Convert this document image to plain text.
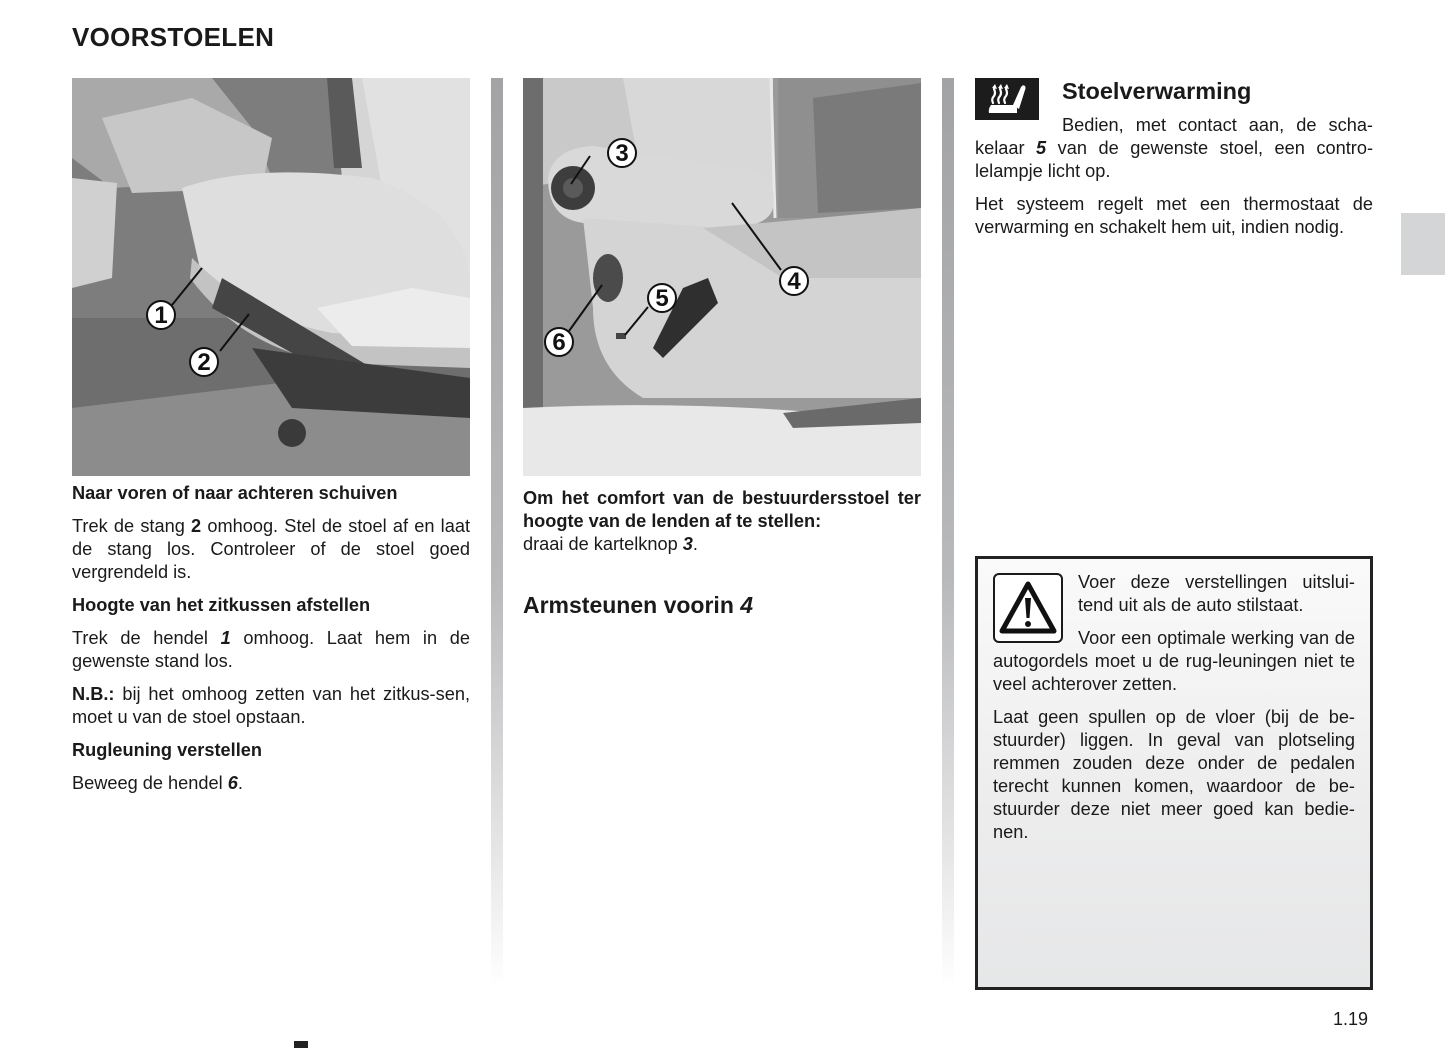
VOORSTOELEN
1
2
Naar voren of naar achteren schuiven

Trek de stang 2 omhoog. Stel de stoel af en laat de stang los. Controleer of de stoel goed vergrendeld is.

Hoogte van het zitkussen afstellen

Trek de hendel 1 omhoog. Laat hem in de gewenste stand los.

N.B.: bij het omhoog zetten van het zitkus-sen, moet u van de stoel opstaan.

Rugleuning verstellen

Beweeg de hendel 6.

3
4
5
6

Om het comfort van de bestuurdersstoel ter hoogte van de lenden af te stellen:
draai de kartelknop 3.

Armsteunen voorin 4
Stoelverwarming

Bedien, met contact aan, de scha-kelaar 5 van de gewenste stoel, een contro-lelampje licht op.

Het systeem regelt met een thermostaat de verwarming en schakelt hem uit, indien nodig.

Voer deze verstellingen uitslui-tend uit als de auto stilstaat.

Voor een optimale werking van de autogordels moet u de rug-leuningen niet te veel achterover zetten.

Laat geen spullen op de vloer (bij de be-stuurder) liggen. In geval van plotseling remmen zouden deze onder de pedalen terecht kunnen komen, waardoor de be-stuurder deze niet meer goed kan bedie-nen.

1.19
